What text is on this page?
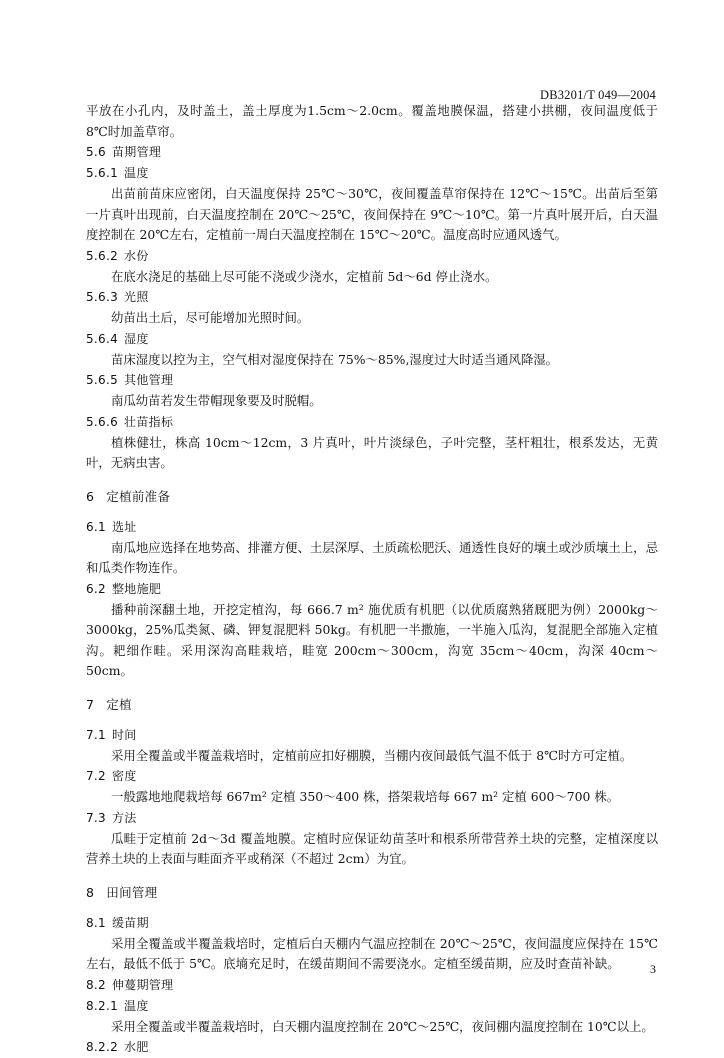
DB3201/T 049—2004

平放在小孔内，及时盖土，盖土厚度为1.5cm～2.0cm。覆盖地膜保温，搭建小拱棚，夜间温度低于 8℃时加盖草帘。

5.6 苗期管理
5.6.1 温度

出苗前苗床应密闭，白天温度保持 25℃～30℃，夜间覆盖草帘保持在 12℃～15℃。出苗后至第一片真叶出现前，白天温度控制在 20℃～25℃，夜间保持在 9℃～10℃。第一片真叶展开后，白天温度控制在 20℃左右，定植前一周白天温度控制在 15℃～20℃。温度高时应通风透气。

5.6.2 水份

在底水浇足的基础上尽可能不浇或少浇水，定植前 5d～6d 停止浇水。

5.6.3 光照

幼苗出土后，尽可能增加光照时间。

5.6.4 湿度

苗床湿度以控为主，空气相对湿度保持在 75%～85%,湿度过大时适当通风降湿。

5.6.5 其他管理

南瓜幼苗若发生带帽现象要及时脱帽。

5.6.6 壮苗指标

植株健壮，株高 10cm～12cm，3 片真叶，叶片淡绿色，子叶完整，茎杆粗壮，根系发达，无黄叶，无病虫害。

6 定植前准备
6.1 选址

南瓜地应选择在地势高、排灌方便、土层深厚、土质疏松肥沃、通透性良好的壤土或沙质壤土上，忌和瓜类作物连作。

6.2 整地施肥

播种前深翻土地，开挖定植沟，每 666.7 m² 施优质有机肥（以优质腐熟猪厩肥为例）2000kg～3000kg，25%瓜类氮、磷、钾复混肥料 50kg。有机肥一半撒施，一半施入瓜沟，复混肥全部施入定植沟。耙细作畦。采用深沟高畦栽培，畦宽 200cm～300cm，沟宽 35cm～40cm，沟深 40cm～50cm。

7 定植
7.1 时间

采用全覆盖或半覆盖栽培时，定植前应扣好棚膜，当棚内夜间最低气温不低于 8℃时方可定植。

7.2 密度

一般露地地爬栽培每 667m² 定植 350～400 株，搭架栽培每 667 m² 定植 600～700 株。

7.3 方法

瓜畦于定植前 2d～3d 覆盖地膜。定植时应保证幼苗茎叶和根系所带营养土块的完整，定植深度以营养土块的上表面与畦面齐平或稍深（不超过 2cm）为宜。

8 田间管理
8.1 缓苗期

采用全覆盖或半覆盖栽培时，定植后白天棚内气温应控制在 20℃～25℃，夜间温度应保持在 15℃左右，最低不低于 5℃。底墒充足时，在缓苗期间不需要浇水。定植至缓苗期，应及时查苗补缺。

8.2 伸蔓期管理
8.2.1 温度

采用全覆盖或半覆盖栽培时，白天棚内温度控制在 20℃～25℃，夜间棚内温度控制在 10℃以上。

8.2.2 水肥
3
